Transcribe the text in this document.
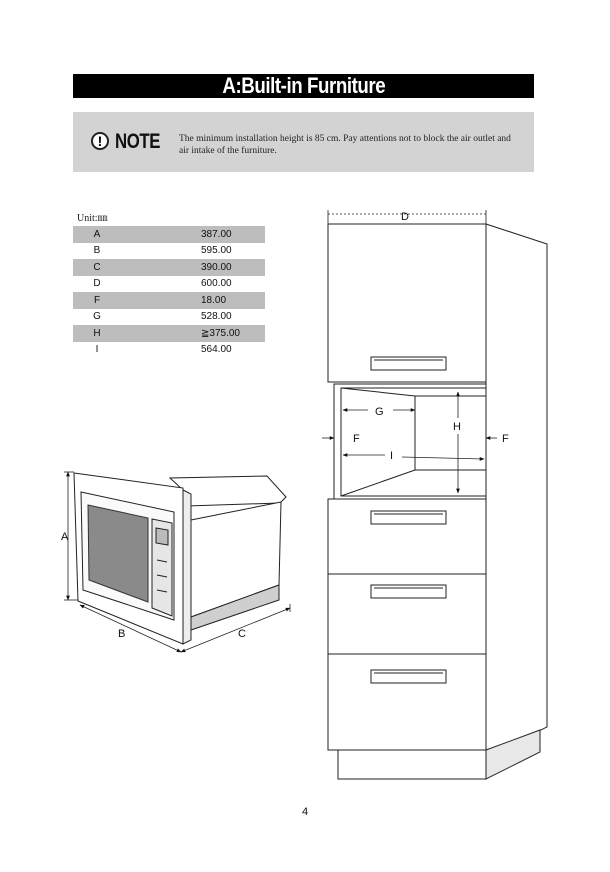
A:Built-in Furniture
! NOTE	The minimum installation height is 85 cm. Pay attentions not to block the air outlet and air intake of the furniture.
Unit:㎜
A	387.00
B	595.00
C	390.00
D	600.00
F	18.00
G	528.00
H	≧375.00
I	564.00
A
B	C
D
G
H
F	F
I
4
